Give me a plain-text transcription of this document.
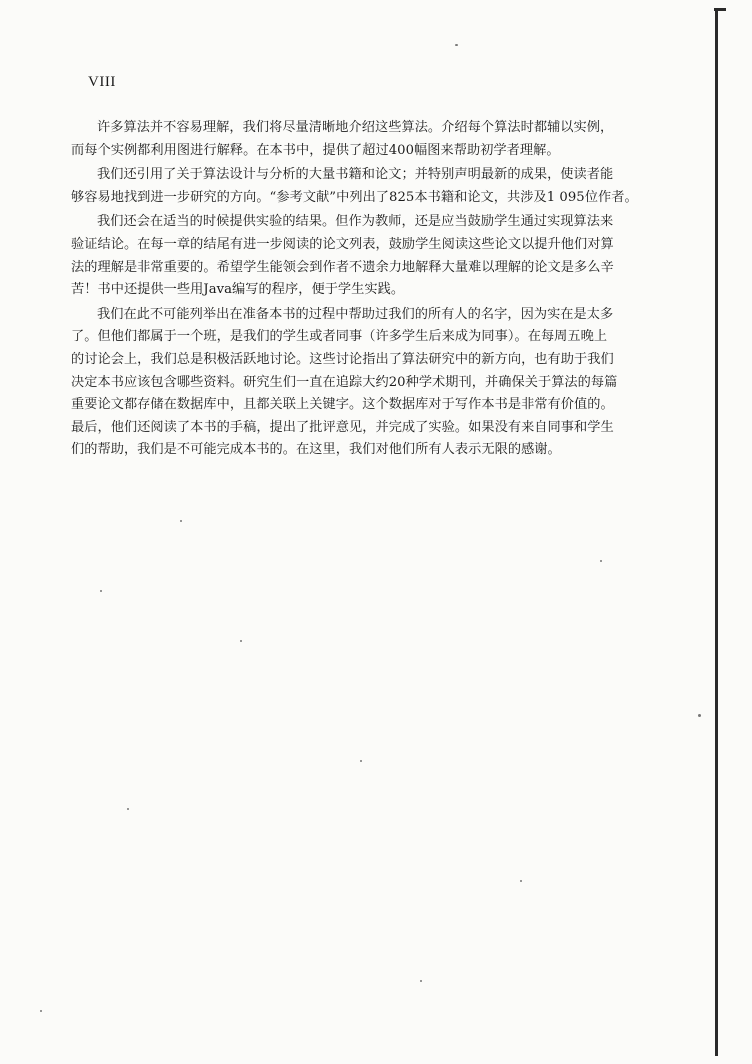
VIII
许多算法并不容易理解，我们将尽量清晰地介绍这些算法。介绍每个算法时都辅以实例，
而每个实例都利用图进行解释。在本书中，提供了超过400幅图来帮助初学者理解。
我们还引用了关于算法设计与分析的大量书籍和论文；并特别声明最新的成果，使读者能
够容易地找到进一步研究的方向。“参考文献”中列出了825本书籍和论文，共涉及1 095位作者。
我们还会在适当的时候提供实验的结果。但作为教师，还是应当鼓励学生通过实现算法来
验证结论。在每一章的结尾有进一步阅读的论文列表，鼓励学生阅读这些论文以提升他们对算
法的理解是非常重要的。希望学生能领会到作者不遗余力地解释大量难以理解的论文是多么辛
苦！书中还提供一些用Java编写的程序，便于学生实践。
我们在此不可能列举出在准备本书的过程中帮助过我们的所有人的名字，因为实在是太多
了。但他们都属于一个班，是我们的学生或者同事（许多学生后来成为同事）。在每周五晚上
的讨论会上，我们总是积极活跃地讨论。这些讨论指出了算法研究中的新方向，也有助于我们
决定本书应该包含哪些资料。研究生们一直在追踪大约20种学术期刊，并确保关于算法的每篇
重要论文都存储在数据库中，且都关联上关键字。这个数据库对于写作本书是非常有价值的。
最后，他们还阅读了本书的手稿，提出了批评意见，并完成了实验。如果没有来自同事和学生
们的帮助，我们是不可能完成本书的。在这里，我们对他们所有人表示无限的感谢。
